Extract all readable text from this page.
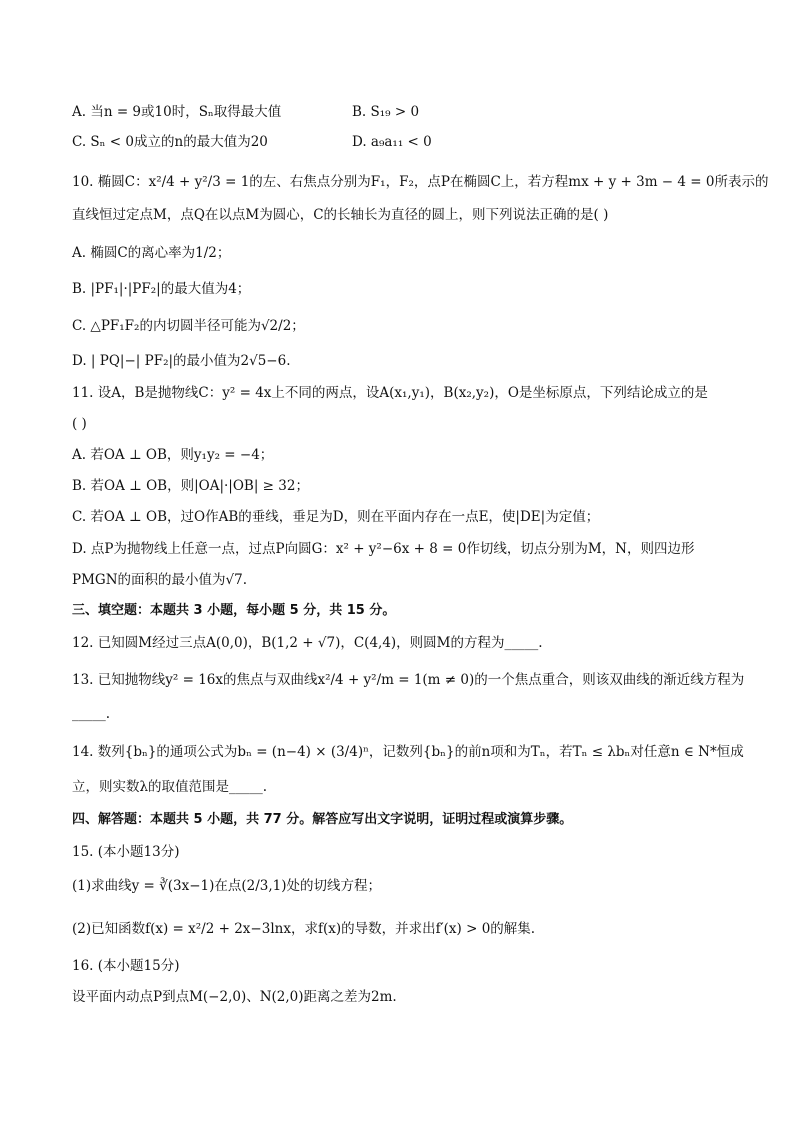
A. 当n = 9或10时，Sₙ取得最大值	B. S₁₉ > 0
C. Sₙ < 0成立的n的最大值为20	D. a₉a₁₁ < 0
10. 椭圆C：x²/4 + y²/3 = 1的左、右焦点分别为F₁，F₂，点P在椭圆C上，若方程mx + y + 3m − 4 = 0所表示的
直线恒过定点M，点Q在以点M为圆心，C的长轴长为直径的圆上，则下列说法正确的是( )
A. 椭圆C的离心率为1/2；
B. |PF₁|·|PF₂|的最大值为4；
C. △PF₁F₂的内切圆半径可能为√2/2；
D. | PQ|−| PF₂|的最小值为2√5−6.
11. 设A，B是抛物线C：y² = 4x上不同的两点，设A(x₁,y₁)，B(x₂,y₂)，O是坐标原点，下列结论成立的是
( )
A. 若OA ⊥ OB，则y₁y₂ = −4；
B. 若OA ⊥ OB，则|OA|·|OB| ≥ 32；
C. 若OA ⊥ OB，过O作AB的垂线，垂足为D，则在平面内存在一点E，使|DE|为定值；
D. 点P为抛物线上任意一点，过点P向圆G：x² + y²−6x + 8 = 0作切线，切点分别为M，N，则四边形
PMGN的面积的最小值为√7.
三、填空题：本题共 3 小题，每小题 5 分，共 15 分。
12. 已知圆M经过三点A(0,0)，B(1,2 + √7)，C(4,4)，则圆M的方程为_____.
13. 已知抛物线y² = 16x的焦点与双曲线x²/4 + y²/m = 1(m ≠ 0)的一个焦点重合，则该双曲线的渐近线方程为
_____.
14. 数列{bₙ}的通项公式为bₙ = (n−4) × (3/4)ⁿ，记数列{bₙ}的前n项和为Tₙ，若Tₙ ≤ λbₙ对任意n ∈ N*恒成
立，则实数λ的取值范围是_____.
四、解答题：本题共 5 小题，共 77 分。解答应写出文字说明，证明过程或演算步骤。
15. (本小题13分)
(1)求曲线y = ∛(3x−1)在点(2/3,1)处的切线方程；
(2)已知函数f(x) = x²/2 + 2x−3lnx，求f(x)的导数，并求出f′(x) > 0的解集.
16. (本小题15分)
设平面内动点P到点M(−2,0)、N(2,0)距离之差为2m.
